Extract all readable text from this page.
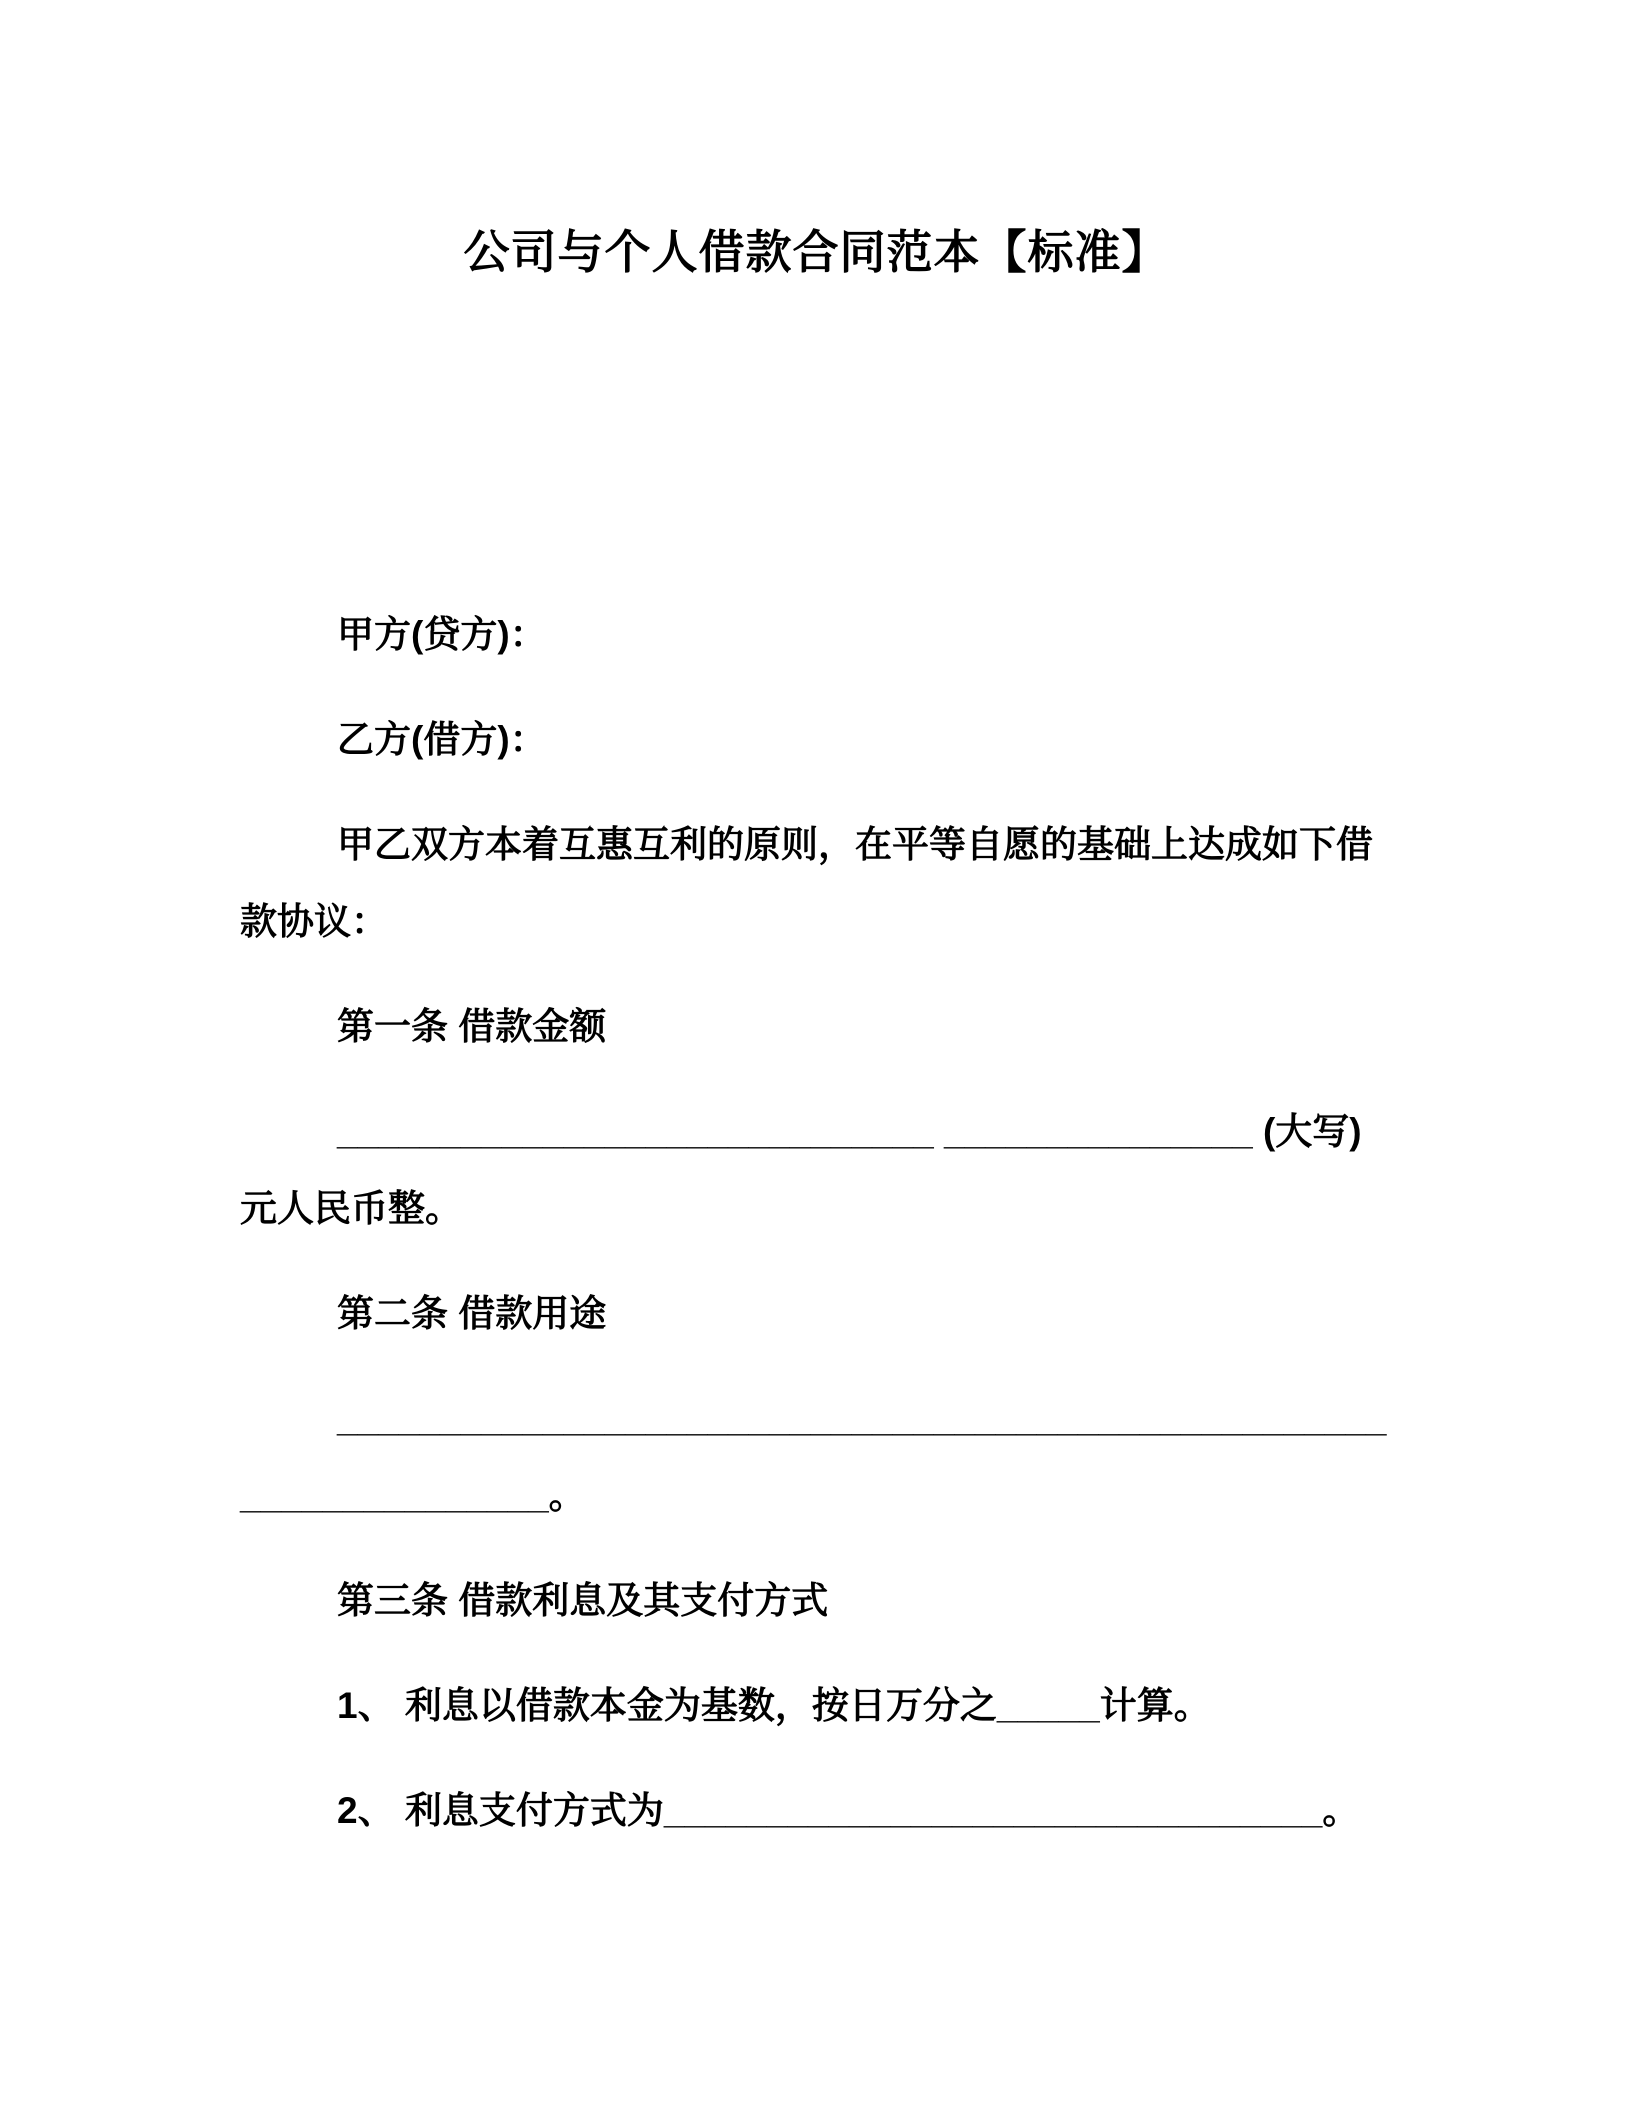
公司与个人借款合同范本【标准】

甲方(贷方)：

乙方(借方)：

甲乙双方本着互惠互利的原则，在平等自愿的基础上达成如下借款协议：

第一条 借款金额

_____________________________ _______________ (大写) 元人民币整。

第二条 借款用途

__________________________________________________________________。

第三条 借款利息及其支付方式

1、 利息以借款本金为基数，按日万分之_____计算。

2、 利息支付方式为________________________________。
